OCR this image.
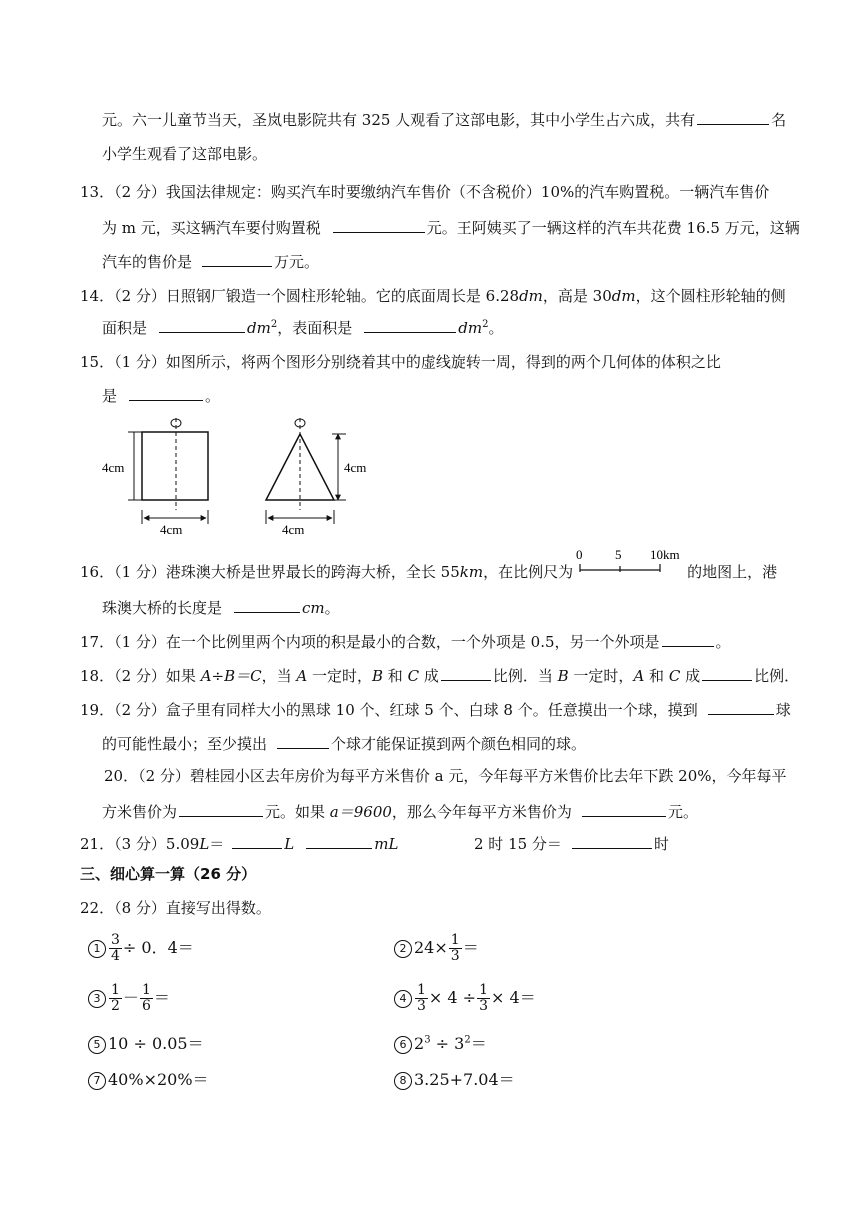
元。六一儿童节当天，圣岚电影院共有 325 人观看了这部电影，其中小学生占六成，共有	名
小学生观看了这部电影。
13．（2 分）我国法律规定：购买汽车时要缴纳汽车售价（不含税价）10%的汽车购置税。一辆汽车售价
为 m 元，买这辆汽车要付购置税	元。王阿姨买了一辆这样的汽车共花费 16.5 万元，这辆
汽车的售价是	万元。
14．（2 分）日照钢厂锻造一个圆柱形轮轴。它的底面周长是 6.28dm，高是 30dm，这个圆柱形轮轴的侧
面积是	$dm^2$，表面积是	$dm^2$。
15．（1 分）如图所示，将两个图形分别绕着其中的虚线旋转一周，得到的两个几何体的体积之比
是	。
4cm
4cm
4cm
4cm
16．（1 分）港珠澳大桥是世界最长的跨海大桥，全长 55km，在比例尺为	的地图上，港
0	5 10km
珠澳大桥的长度是	cm。
17．（1 分）在一个比例里两个内项的积是最小的合数，一个外项是 0.5，另一个外项是	。
18．（2 分）如果 A÷B＝C，当 A 一定时，B 和 C 成	比例．当 B 一定时，A 和 C 成	比例．
19．（2 分）盒子里有同样大小的黑球 10 个、红球 5 个、白球 8 个。任意摸出一个球，摸到	球
的可能性最小；至少摸出	个球才能保证摸到两个颜色相同的球。
20．（2 分）碧桂园小区去年房价为每平方米售价 a 元，今年每平方米售价比去年下跌 20%，今年每平
方米售价为	元。如果 a＝9600，那么今年每平方米售价为	元。
21．（3 分）5.09L＝	L	mL	2 时 15 分＝	时
三、细心算一算（26 分）
22．（8 分）直接写出得数。
$1 \frac{3}{4} \div 0$．4＝	2 $24\times \frac{1}{3}$ ＝
$3 \frac{1}{2} - \frac{1}{6}$ ＝	$4 \frac{1}{3} \times 4 \div \frac{1}{3} \times 4=$
5 10 ÷ 0.05＝	6 $2^3 \div 3^2=$
7 40%×20%＝	8 3.25+7.04＝
